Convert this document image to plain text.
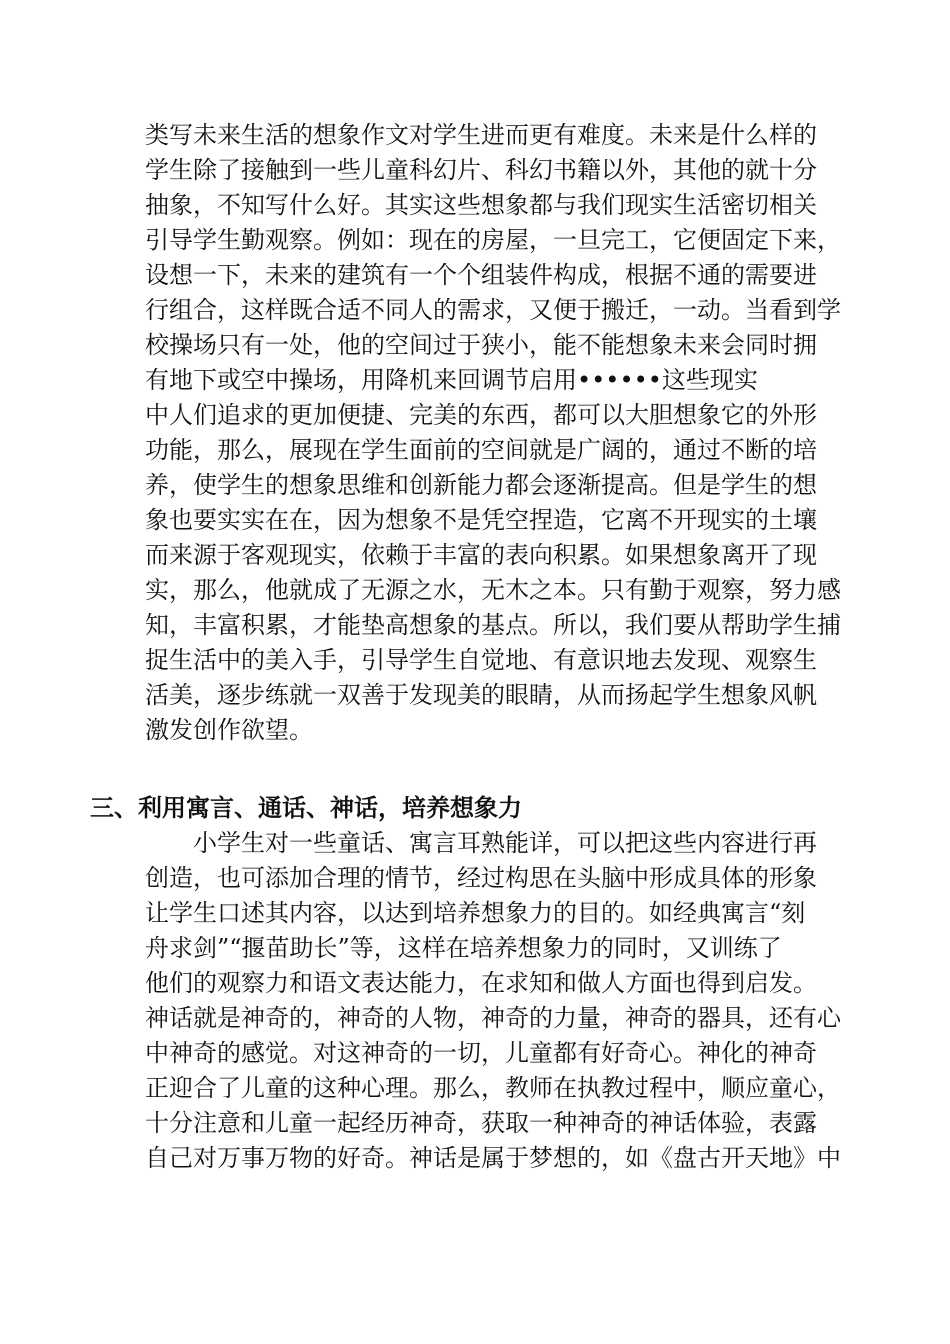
类写未来生活的想象作文对学生进而更有难度。未来是什么样的

学生除了接触到一些儿童科幻片、科幻书籍以外，其他的就十分

抽象，不知写什么好。其实这些想象都与我们现实生活密切相关

引导学生勤观察。例如：现在的房屋，一旦完工，它便固定下来，

设想一下，未来的建筑有一个个组装件构成，根据不通的需要进

行组合，这样既合适不同人的需求，又便于搬迁，一动。当看到学

校操场只有一处，他的空间过于狭小，能不能想象未来会同时拥

有地下或空中操场，用降机来回调节启用••••••这些现实

中人们追求的更加便捷、完美的东西，都可以大胆想象它的外形

功能，那么，展现在学生面前的空间就是广阔的，通过不断的培

养，使学生的想象思维和创新能力都会逐渐提高。但是学生的想

象也要实实在在，因为想象不是凭空捏造，它离不开现实的土壤

而来源于客观现实，依赖于丰富的表向积累。如果想象离开了现

实，那么，他就成了无源之水，无木之本。只有勤于观察，努力感

知，丰富积累，才能垫高想象的基点。所以，我们要从帮助学生捕

捉生活中的美入手，引导学生自觉地、有意识地去发现、观察生

活美，逐步练就一双善于发现美的眼睛，从而扬起学生想象风帆

激发创作欲望。

三、利用寓言、通话、神话，培养想象力

小学生对一些童话、寓言耳熟能详，可以把这些内容进行再

创造，也可添加合理的情节，经过构思在头脑中形成具体的形象

让学生口述其内容，以达到培养想象力的目的。如经典寓言“刻

舟求剑”“揠苗助长”等，这样在培养想象力的同时，又训练了

他们的观察力和语文表达能力，在求知和做人方面也得到启发。

神话就是神奇的，神奇的人物，神奇的力量，神奇的器具，还有心

中神奇的感觉。对这神奇的一切，儿童都有好奇心。神化的神奇

正迎合了儿童的这种心理。那么，教师在执教过程中，顺应童心，

十分注意和儿童一起经历神奇，获取一种神奇的神话体验，表露

自己对万事万物的好奇。神话是属于梦想的，如《盘古开天地》中
